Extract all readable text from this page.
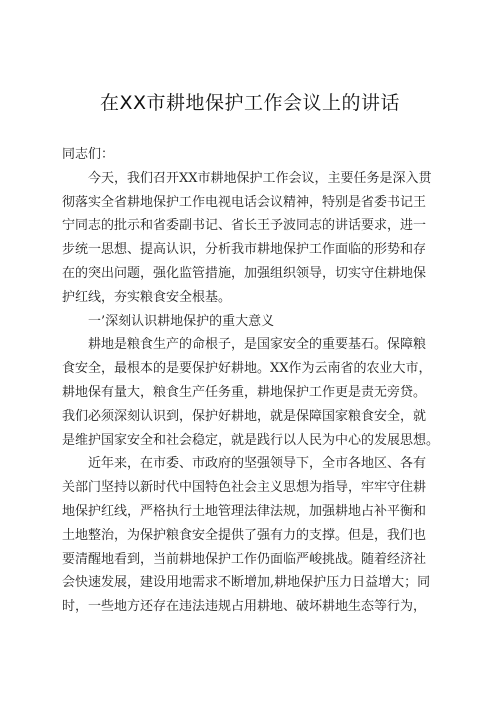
在XX市耕地保护工作会议上的讲话

同志们：

今天，我们召开XX市耕地保护工作会议，主要任务是深入贯

彻落实全省耕地保护工作电视电话会议精神，特别是省委书记王

宁同志的批示和省委副书记、省长王予波同志的讲话要求，进一

步统一思想、提高认识，分析我市耕地保护工作面临的形势和存

在的突出问题，强化监管措施，加强组织领导，切实守住耕地保

护红线，夯实粮食安全根基。

一’深刻认识耕地保护的重大意义

耕地是粮食生产的命根子，是国家安全的重要基石。保障粮

食安全，最根本的是要保护好耕地。XX作为云南省的农业大市，

耕地保有量大，粮食生产任务重，耕地保护工作更是责无旁贷。

我们必须深刻认识到，保护好耕地，就是保障国家粮食安全，就

是维护国家安全和社会稳定，就是践行以人民为中心的发展思想。

近年来，在市委、市政府的坚强领导下，全市各地区、各有

关部门坚持以新时代中国特色社会主义思想为指导，牢牢守住耕

地保护红线，严格执行土地管理法律法规，加强耕地占补平衡和

土地整治，为保护粮食安全提供了强有力的支撑。但是，我们也

要清醒地看到，当前耕地保护工作仍面临严峻挑战。随着经济社

会快速发展，建设用地需求不断增加,耕地保护压力日益增大；同

时，一些地方还存在违法违规占用耕地、破坏耕地生态等行为，
